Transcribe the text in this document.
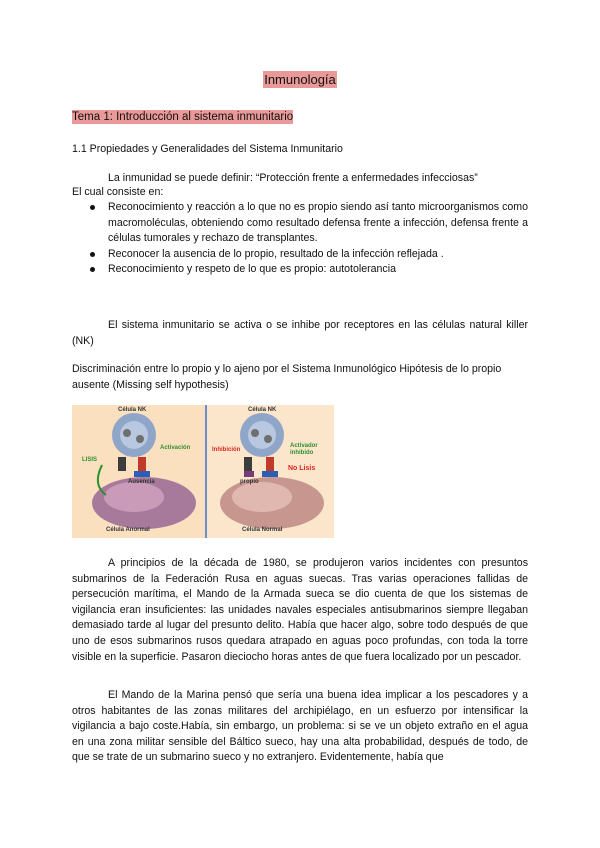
Inmunología
Tema 1: Introducción al sistema inmunitario
1.1 Propiedades y Generalidades del Sistema Inmunitario
La inmunidad se puede definir: “Protección frente a enfermedades infecciosas”
El cual consiste en:
Reconocimiento y reacción a lo que no es propio siendo así tanto microorganismos como macromoléculas, obteniendo como resultado defensa frente a infección, defensa frente a células tumorales y rechazo de transplantes.
Reconocer la ausencia de lo propio, resultado de la infección reflejada .
Reconocimiento y respeto de lo que es propio: autotolerancia
El sistema inmunitario se activa o se inhibe por receptores en las células natural killer (NK)
Discriminación entre lo propio y lo ajeno por el Sistema Inmunológico Hipótesis de lo propio ausente (Missing self hypothesis)
Célula NK
Activación
LISIS
Ausencia
Célula Anormal
Célula NK
Inhibición
Activador
inhibido
No Lisis
propio
Célula Normal
A principios de la década de 1980, se produjeron varios incidentes con presuntos submarinos de la Federación Rusa en aguas suecas. Tras varias operaciones fallidas de persecución marítima, el Mando de la Armada sueca se dio cuenta de que los sistemas de vigilancia eran insuficientes: las unidades navales especiales antisubmarinos siempre llegaban demasiado tarde al lugar del presunto delito. Había que hacer algo, sobre todo después de que uno de esos submarinos rusos quedara atrapado en aguas poco profundas, con toda la torre visible en la superficie. Pasaron dieciocho horas antes de que fuera localizado por un pescador.
El Mando de la Marina pensó que sería una buena idea implicar a los pescadores y a otros habitantes de las zonas militares del archipiélago, en un esfuerzo por intensificar la vigilancia a bajo coste.Había, sin embargo, un problema: si se ve un objeto extraño en el agua en una zona militar sensible del Báltico sueco, hay una alta probabilidad, después de todo, de que se trate de un submarino sueco y no extranjero. Evidentemente, había que
